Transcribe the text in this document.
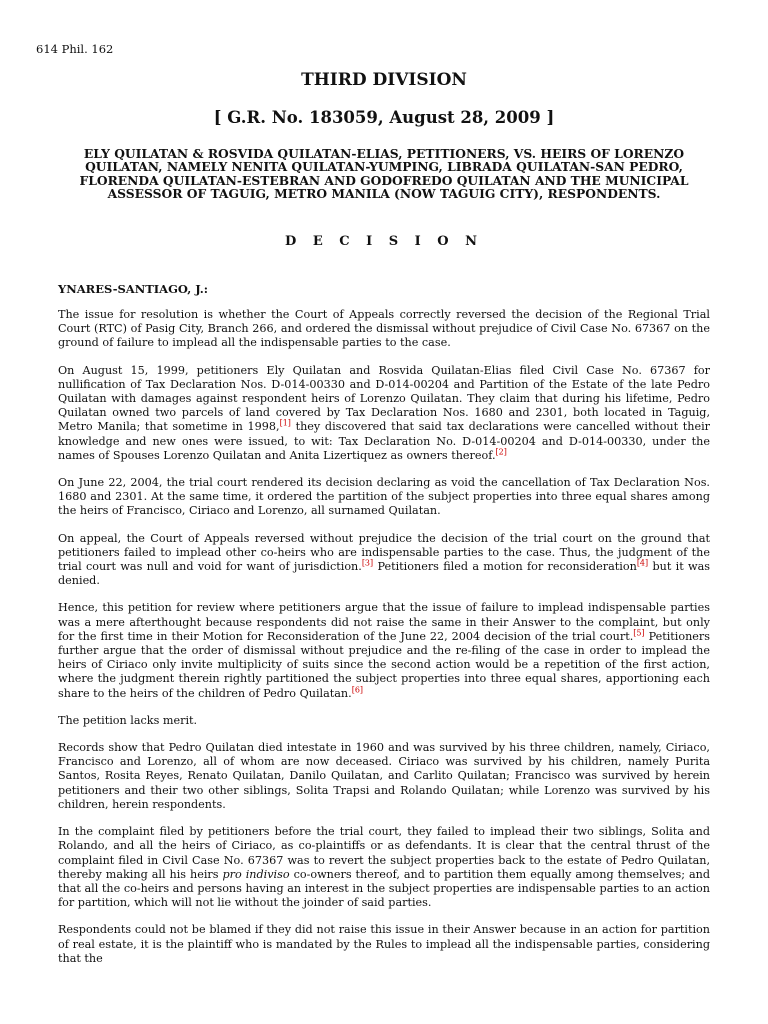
614 Phil. 162
THIRD DIVISION
[ G.R. No. 183059, August 28, 2009 ]
ELY QUILATAN & ROSVIDA QUILATAN-ELIAS, PETITIONERS, VS. HEIRS OF LORENZO QUILATAN, NAMELY NENITA QUILATAN-YUMPING, LIBRADA QUILATAN-SAN PEDRO, FLORENDA QUILATAN-ESTEBRAN AND GODOFREDO QUILATAN AND THE MUNICIPAL ASSESSOR OF TAGUIG, METRO MANILA (NOW TAGUIG CITY), RESPONDENTS.
D E C I S I O N
YNARES-SANTIAGO, J.:

The issue for resolution is whether the Court of Appeals correctly reversed the decision of the Regional Trial Court (RTC) of Pasig City, Branch 266, and ordered the dismissal without prejudice of Civil Case No. 67367 on the ground of failure to implead all the indispensable parties to the case.

On August 15, 1999, petitioners Ely Quilatan and Rosvida Quilatan-Elias filed Civil Case No. 67367 for nullification of Tax Declaration Nos. D-014-00330 and D-014-00204 and Partition of the Estate of the late Pedro Quilatan with damages against respondent heirs of Lorenzo Quilatan. They claim that during his lifetime, Pedro Quilatan owned two parcels of land covered by Tax Declaration Nos. 1680 and 2301, both located in Taguig, Metro Manila; that sometime in 1998,[1] they discovered that said tax declarations were cancelled without their knowledge and new ones were issued, to wit: Tax Declaration No. D-014-00204 and D-014-00330, under the names of Spouses Lorenzo Quilatan and Anita Lizertiquez as owners thereof.[2]

On June 22, 2004, the trial court rendered its decision declaring as void the cancellation of Tax Declaration Nos. 1680 and 2301. At the same time, it ordered the partition of the subject properties into three equal shares among the heirs of Francisco, Ciriaco and Lorenzo, all surnamed Quilatan.

On appeal, the Court of Appeals reversed without prejudice the decision of the trial court on the ground that petitioners failed to implead other co-heirs who are indispensable parties to the case. Thus, the judgment of the trial court was null and void for want of jurisdiction.[3] Petitioners filed a motion for reconsideration[4] but it was denied.

Hence, this petition for review where petitioners argue that the issue of failure to implead indispensable parties was a mere afterthought because respondents did not raise the same in their Answer to the complaint, but only for the first time in their Motion for Reconsideration of the June 22, 2004 decision of the trial court.[5] Petitioners further argue that the order of dismissal without prejudice and the re-filing of the case in order to implead the heirs of Ciriaco only invite multiplicity of suits since the second action would be a repetition of the first action, where the judgment therein rightly partitioned the subject properties into three equal shares, apportioning each share to the heirs of the children of Pedro Quilatan.[6]

The petition lacks merit.

Records show that Pedro Quilatan died intestate in 1960 and was survived by his three children, namely, Ciriaco, Francisco and Lorenzo, all of whom are now deceased. Ciriaco was survived by his children, namely Purita Santos, Rosita Reyes, Renato Quilatan, Danilo Quilatan, and Carlito Quilatan; Francisco was survived by herein petitioners and their two other siblings, Solita Trapsi and Rolando Quilatan; while Lorenzo was survived by his children, herein respondents.

In the complaint filed by petitioners before the trial court, they failed to implead their two siblings, Solita and Rolando, and all the heirs of Ciriaco, as co-plaintiffs or as defendants. It is clear that the central thrust of the complaint filed in Civil Case No. 67367 was to revert the subject properties back to the estate of Pedro Quilatan, thereby making all his heirs pro indiviso co-owners thereof, and to partition them equally among themselves; and that all the co-heirs and persons having an interest in the subject properties are indispensable parties to an action for partition, which will not lie without the joinder of said parties.

Respondents could not be blamed if they did not raise this issue in their Answer because in an action for partition of real estate, it is the plaintiff who is mandated by the Rules to implead all the indispensable parties, considering that the
